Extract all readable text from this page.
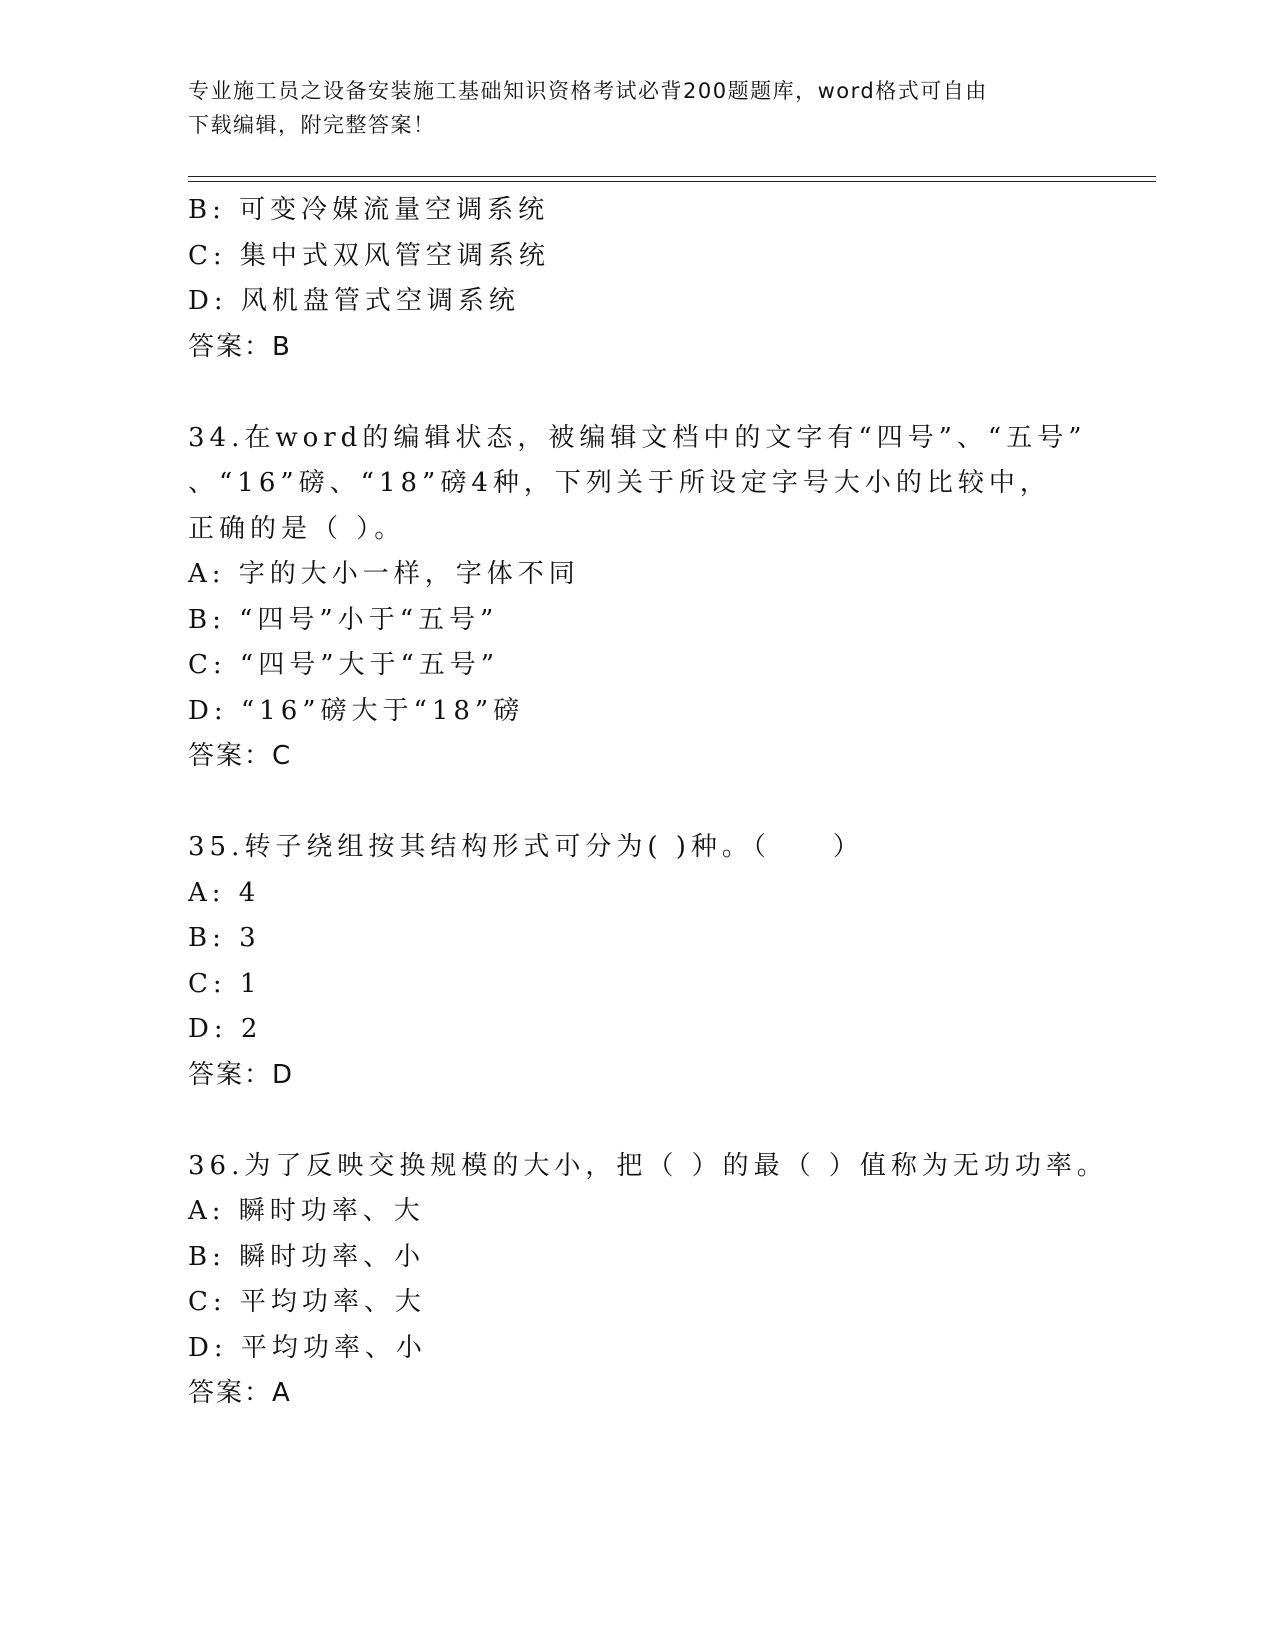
专业施工员之设备安装施工基础知识资格考试必背200题题库，word格式可自由
下载编辑，附完整答案！
B: 可变冷媒流量空调系统
C: 集中式双风管空调系统
D: 风机盘管式空调系统
答案：B
34.在word的编辑状态，被编辑文档中的文字有“四号”、“五号”
、“16”磅、“18”磅4种，下列关于所设定字号大小的比较中，
正确的是（ ）。
A: 字的大小一样，字体不同
B: “四号”小于“五号”
C: “四号”大于“五号”
D: “16”磅大于“18”磅
答案：C
35.转子绕组按其结构形式可分为( )种。（　　）
A: 4
B: 3
C: 1
D: 2
答案：D
36.为了反映交换规模的大小，把（ ）的最（ ）值称为无功功率。
A: 瞬时功率、大
B: 瞬时功率、小
C: 平均功率、大
D: 平均功率、小
答案：A
